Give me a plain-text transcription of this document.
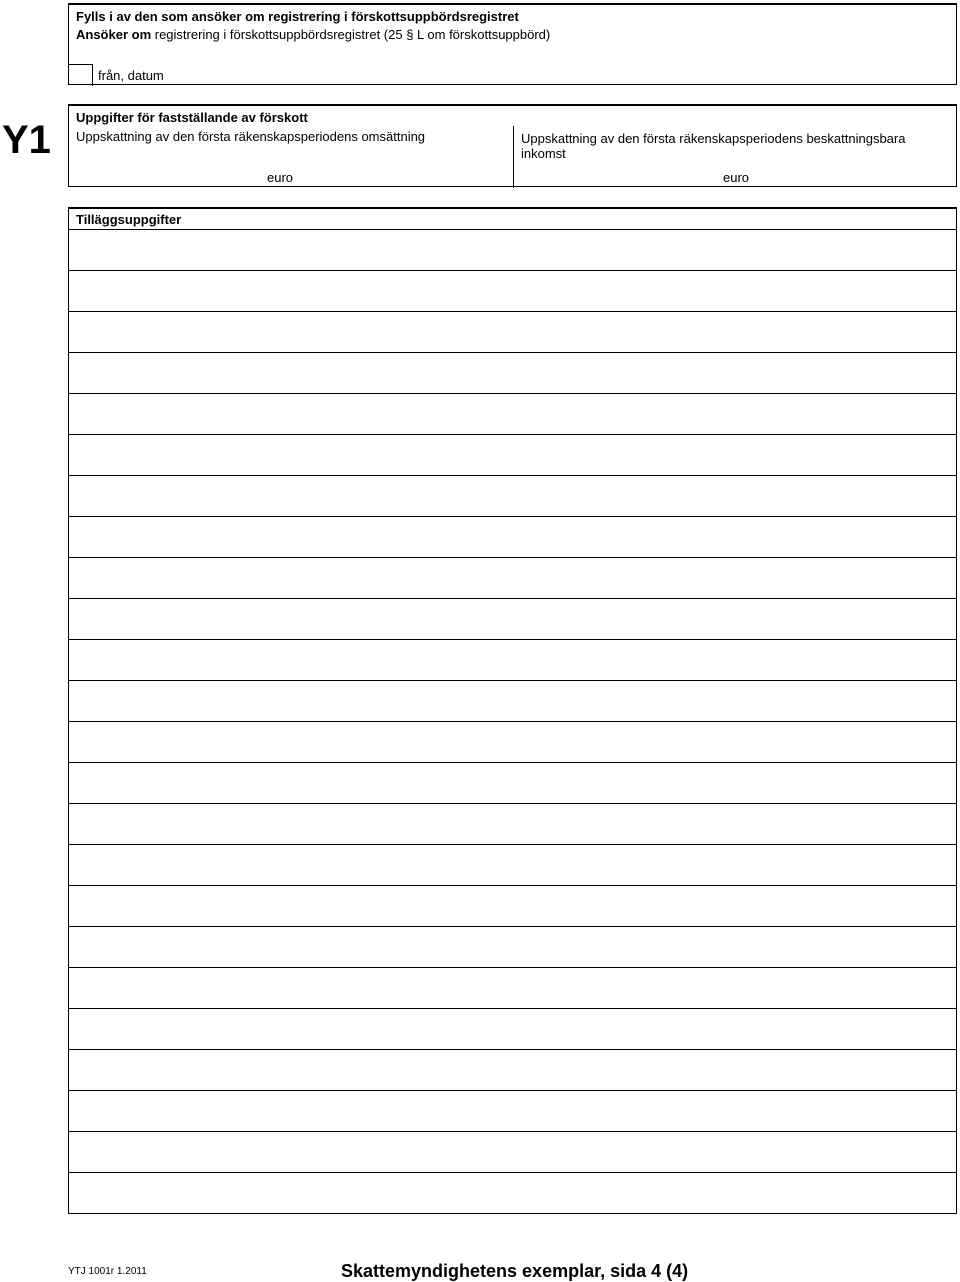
Fylls i av den som ansöker om registrering i förskottsuppbördsregistret
Ansöker om registrering i förskottsuppbördsregistret (25 § L om förskottsuppbörd)
från, datum
Y1
Uppgifter för fastställande av förskott
Uppskattning av den första räkenskapsperiodens omsättning	Uppskattning av den första räkenskapsperiodens beskattningsbara inkomst
euro	euro
Tilläggsuppgifter
YTJ 1001r 1.2011	Skattemyndighetens exemplar, sida 4 (4)
